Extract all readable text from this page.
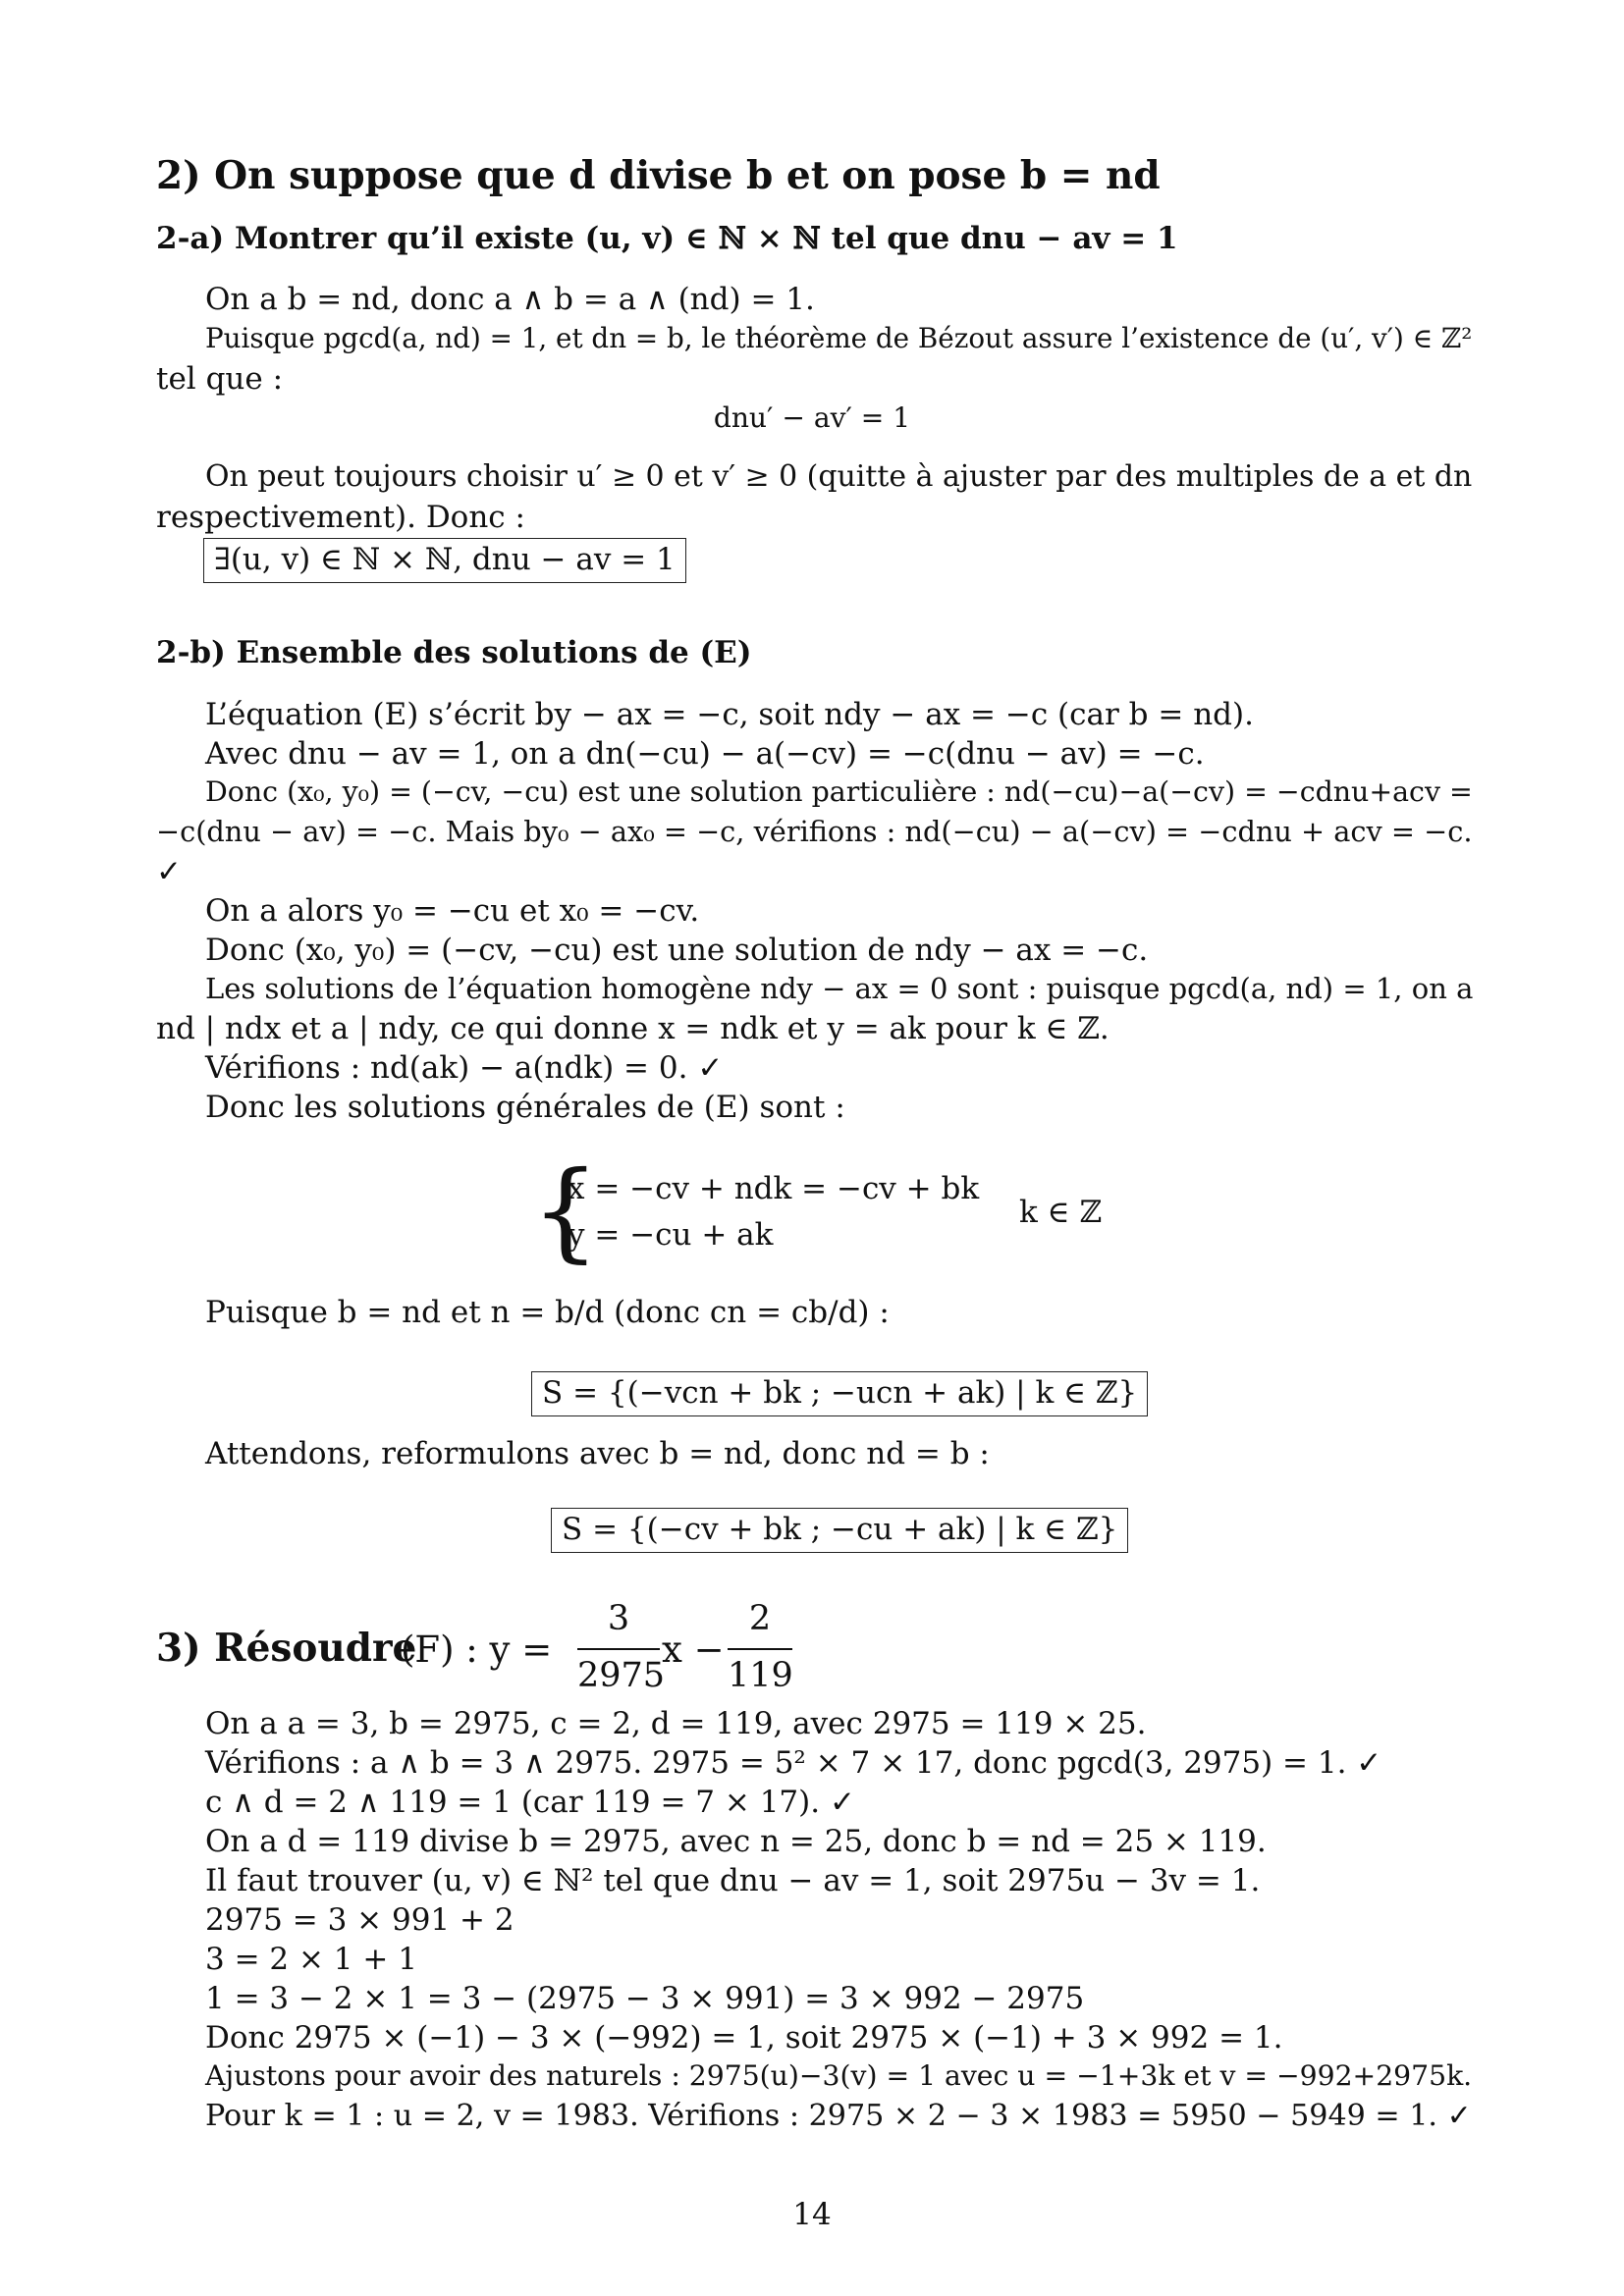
2) On suppose que d divise b et on pose b = nd
2-a) Montrer qu’il existe (u, v) ∈ ℕ × ℕ tel que dnu − av = 1
On a b = nd, donc a ∧ b = a ∧ (nd) = 1.
Puisque pgcd(a, nd) = 1, et dn = b, le théorème de Bézout assure l’existence de (u′, v′) ∈ ℤ²
tel que :
dnu′ − av′ = 1
On peut toujours choisir u′ ≥ 0 et v′ ≥ 0 (quitte à ajuster par des multiples de a et dn
respectivement). Donc :
∃(u, v) ∈ ℕ × ℕ, dnu − av = 1
2-b) Ensemble des solutions de (E)
L’équation (E) s’écrit by − ax = −c, soit ndy − ax = −c (car b = nd).
Avec dnu − av = 1, on a dn(−cu) − a(−cv) = −c(dnu − av) = −c.
Donc (x₀, y₀) = (−cv, −cu) est une solution particulière : nd(−cu)−a(−cv) = −cdnu+acv =
−c(dnu − av) = −c. Mais by₀ − ax₀ = −c, vérifions : nd(−cu) − a(−cv) = −cdnu + acv = −c.
✓
On a alors y₀ = −cu et x₀ = −cv.
Donc (x₀, y₀) = (−cv, −cu) est une solution de ndy − ax = −c.
Les solutions de l’équation homogène ndy − ax = 0 sont : puisque pgcd(a, nd) = 1, on a
nd | ndx et a | ndy, ce qui donne x = ndk et y = ak pour k ∈ ℤ.
Vérifions : nd(ak) − a(ndk) = 0. ✓
Donc les solutions générales de (E) sont :
{
x = −cv + ndk = −cv + bk
y = −cu + ak
k ∈ ℤ
Puisque b = nd et n = b/d (donc cn = cb/d) :
S = {(−vcn + bk ; −ucn + ak) | k ∈ ℤ}
Attendons, reformulons avec b = nd, donc nd = b :
S = {(−cv + bk ; −cu + ak) | k ∈ ℤ}
3) Résoudre
(F) : y =
3
2975
x −
2
119
On a a = 3, b = 2975, c = 2, d = 119, avec 2975 = 119 × 25.
Vérifions : a ∧ b = 3 ∧ 2975. 2975 = 5² × 7 × 17, donc pgcd(3, 2975) = 1. ✓
c ∧ d = 2 ∧ 119 = 1 (car 119 = 7 × 17). ✓
On a d = 119 divise b = 2975, avec n = 25, donc b = nd = 25 × 119.
Il faut trouver (u, v) ∈ ℕ² tel que dnu − av = 1, soit 2975u − 3v = 1.
2975 = 3 × 991 + 2
3 = 2 × 1 + 1
1 = 3 − 2 × 1 = 3 − (2975 − 3 × 991) = 3 × 992 − 2975
Donc 2975 × (−1) − 3 × (−992) = 1, soit 2975 × (−1) + 3 × 992 = 1.
Ajustons pour avoir des naturels : 2975(u)−3(v) = 1 avec u = −1+3k et v = −992+2975k.
Pour k = 1 : u = 2, v = 1983. Vérifions : 2975 × 2 − 3 × 1983 = 5950 − 5949 = 1. ✓
14
